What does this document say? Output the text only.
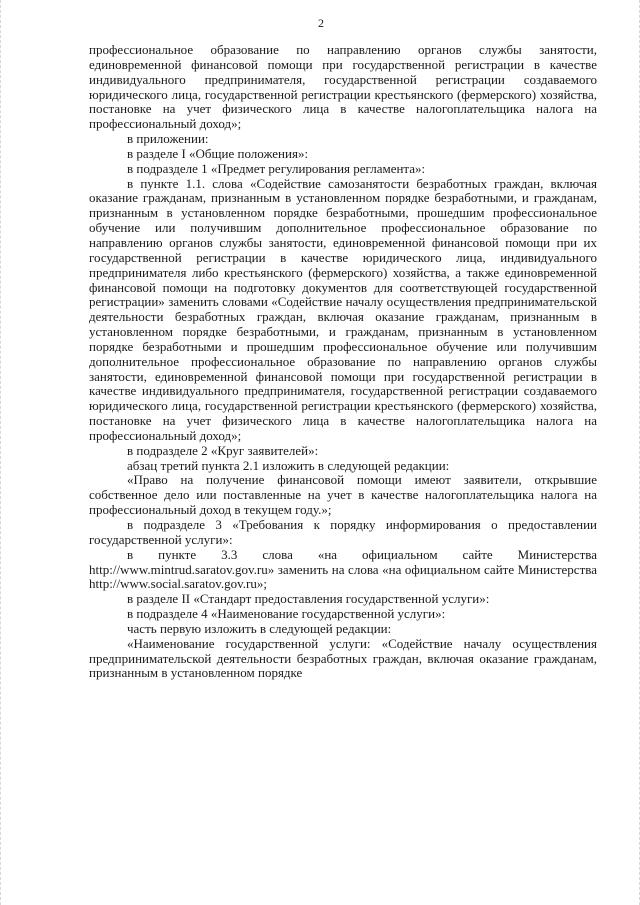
2

профессиональное образование по направлению органов службы занятости, единовременной финансовой помощи при государственной регистрации в качестве индивидуального предпринимателя, государственной регистрации создаваемого юридического лица, государственной регистрации крестьянского (фермерского) хозяйства, постановке на учет физического лица в качестве налогоплательщика налога на профессиональный доход»;

в приложении:

в разделе I «Общие положения»:

в подразделе 1 «Предмет регулирования регламента»:

в пункте 1.1. слова «Содействие самозанятости безработных граждан, включая оказание гражданам, признанным в установленном порядке безработными, и гражданам, признанным в установленном порядке безработными, прошедшим профессиональное обучение или получившим дополнительное профессиональное образование по направлению органов службы занятости, единовременной финансовой помощи при их государственной регистрации в качестве юридического лица, индивидуального предпринимателя либо крестьянского (фермерского) хозяйства, а также единовременной финансовой помощи на подготовку документов для соответствующей государственной регистрации» заменить словами «Содействие началу осуществления предпринимательской деятельности безработных граждан, включая оказание гражданам, признанным в установленном порядке безработными, и гражданам, признанным в установленном порядке безработными и прошедшим профессиональное обучение или получившим дополнительное профессиональное образование по направлению органов службы занятости, единовременной финансовой помощи при государственной регистрации в качестве индивидуального предпринимателя, государственной регистрации создаваемого юридического лица, государственной регистрации крестьянского (фермерского) хозяйства, постановке на учет физического лица в качестве налогоплательщика налога на профессиональный доход»;

в подразделе 2 «Круг заявителей»:

абзац третий пункта 2.1 изложить в следующей редакции:

«Право на получение финансовой помощи имеют заявители, открывшие собственное дело или поставленные на учет в качестве налогоплательщика налога на профессиональный доход в текущем году.»;

в подразделе 3 «Требования к порядку информирования о предоставлении государственной услуги»:

в пункте 3.3 слова «на официальном сайте Министерства http://www.mintrud.saratov.gov.ru» заменить на слова «на официальном сайте Министерства http://www.social.saratov.gov.ru»;

в разделе II «Стандарт предоставления государственной услуги»:

в подразделе 4 «Наименование государственной услуги»:

часть первую изложить в следующей редакции:

«Наименование государственной услуги: «Содействие началу осуществления предпринимательской деятельности безработных граждан, включая оказание гражданам, признанным в установленном порядке
